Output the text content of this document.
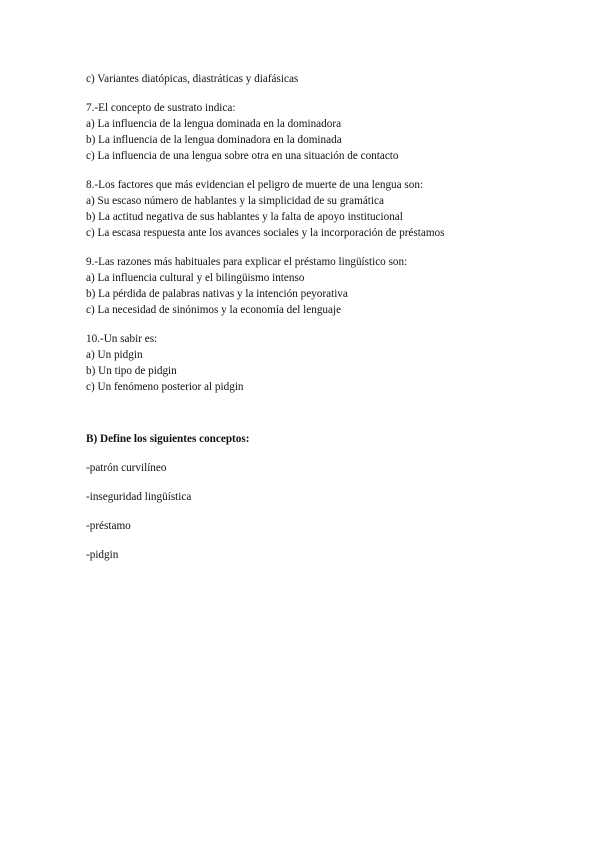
c) Variantes diatópicas, diastráticas y diafásicas
7.-El concepto de sustrato indica:
a) La influencia de la lengua dominada en la dominadora
b) La influencia de la lengua dominadora en la dominada
c) La influencia de una lengua sobre otra en una situación de contacto
8.-Los factores que más evidencian el peligro de muerte de una lengua son:
a) Su escaso número de hablantes y la simplicidad de su gramática
b) La actitud negativa de sus hablantes y la falta de apoyo institucional
c) La escasa respuesta ante los avances sociales y la incorporación de préstamos
9.-Las razones más habituales para explicar el préstamo lingüístico son:
a) La influencia cultural y el bilingüismo intenso
b) La pérdida de palabras nativas y la intención peyorativa
c) La necesidad de sinónimos y la economía del lenguaje
10.-Un sabir es:
a) Un pidgin
b) Un tipo de pidgin
c) Un fenómeno posterior al pidgin
B) Define los siguientes conceptos:
-patrón curvilíneo
-inseguridad lingüística
-préstamo
-pidgin
